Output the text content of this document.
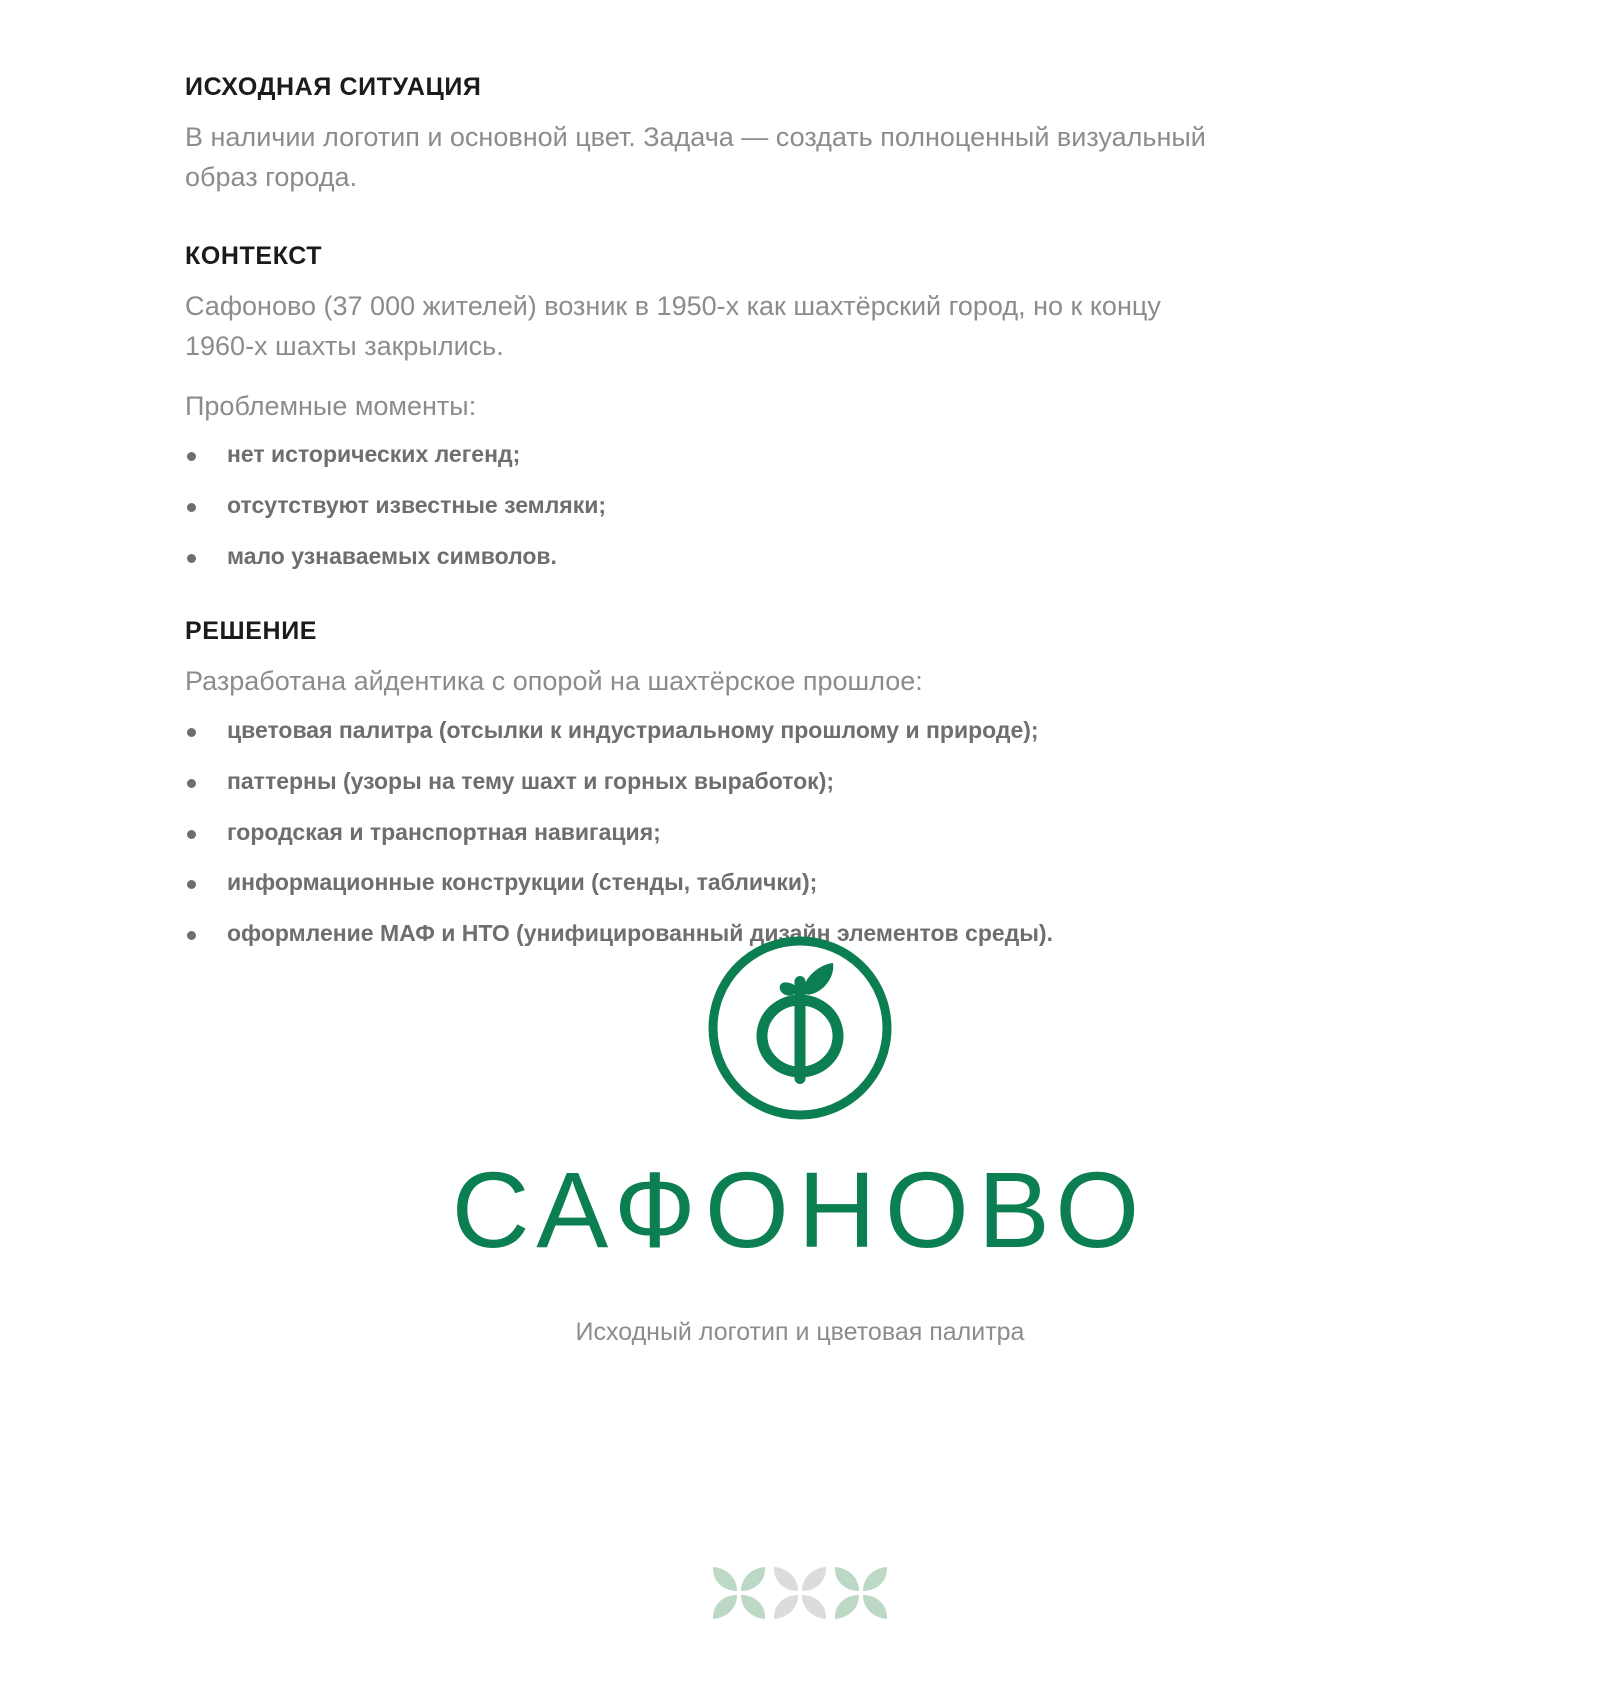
ИСХОДНАЯ СИТУАЦИЯ

В наличии логотип и основной цвет. Задача — создать полноценный визуальный образ города.

КОНТЕКСТ

Сафоново (37 000 жителей) возник в 1950-х как шахтёрский город, но к концу 1960-х шахты закрылись.

Проблемные моменты:

нет исторических легенд;
отсутствуют известные земляки;
мало узнаваемых символов.
РЕШЕНИЕ

Разработана айдентика с опорой на шахтёрское прошлое:

цветовая палитра (отсылки к индустриальному прошлому и природе);
паттерны (узоры на тему шахт и горных выработок);
городская и транспортная навигация;
информационные конструкции (стенды, таблички);
оформление МАФ и НТО (унифицированный дизайн элементов среды).
САФОНОВО
Исходный логотип и цветовая палитра
